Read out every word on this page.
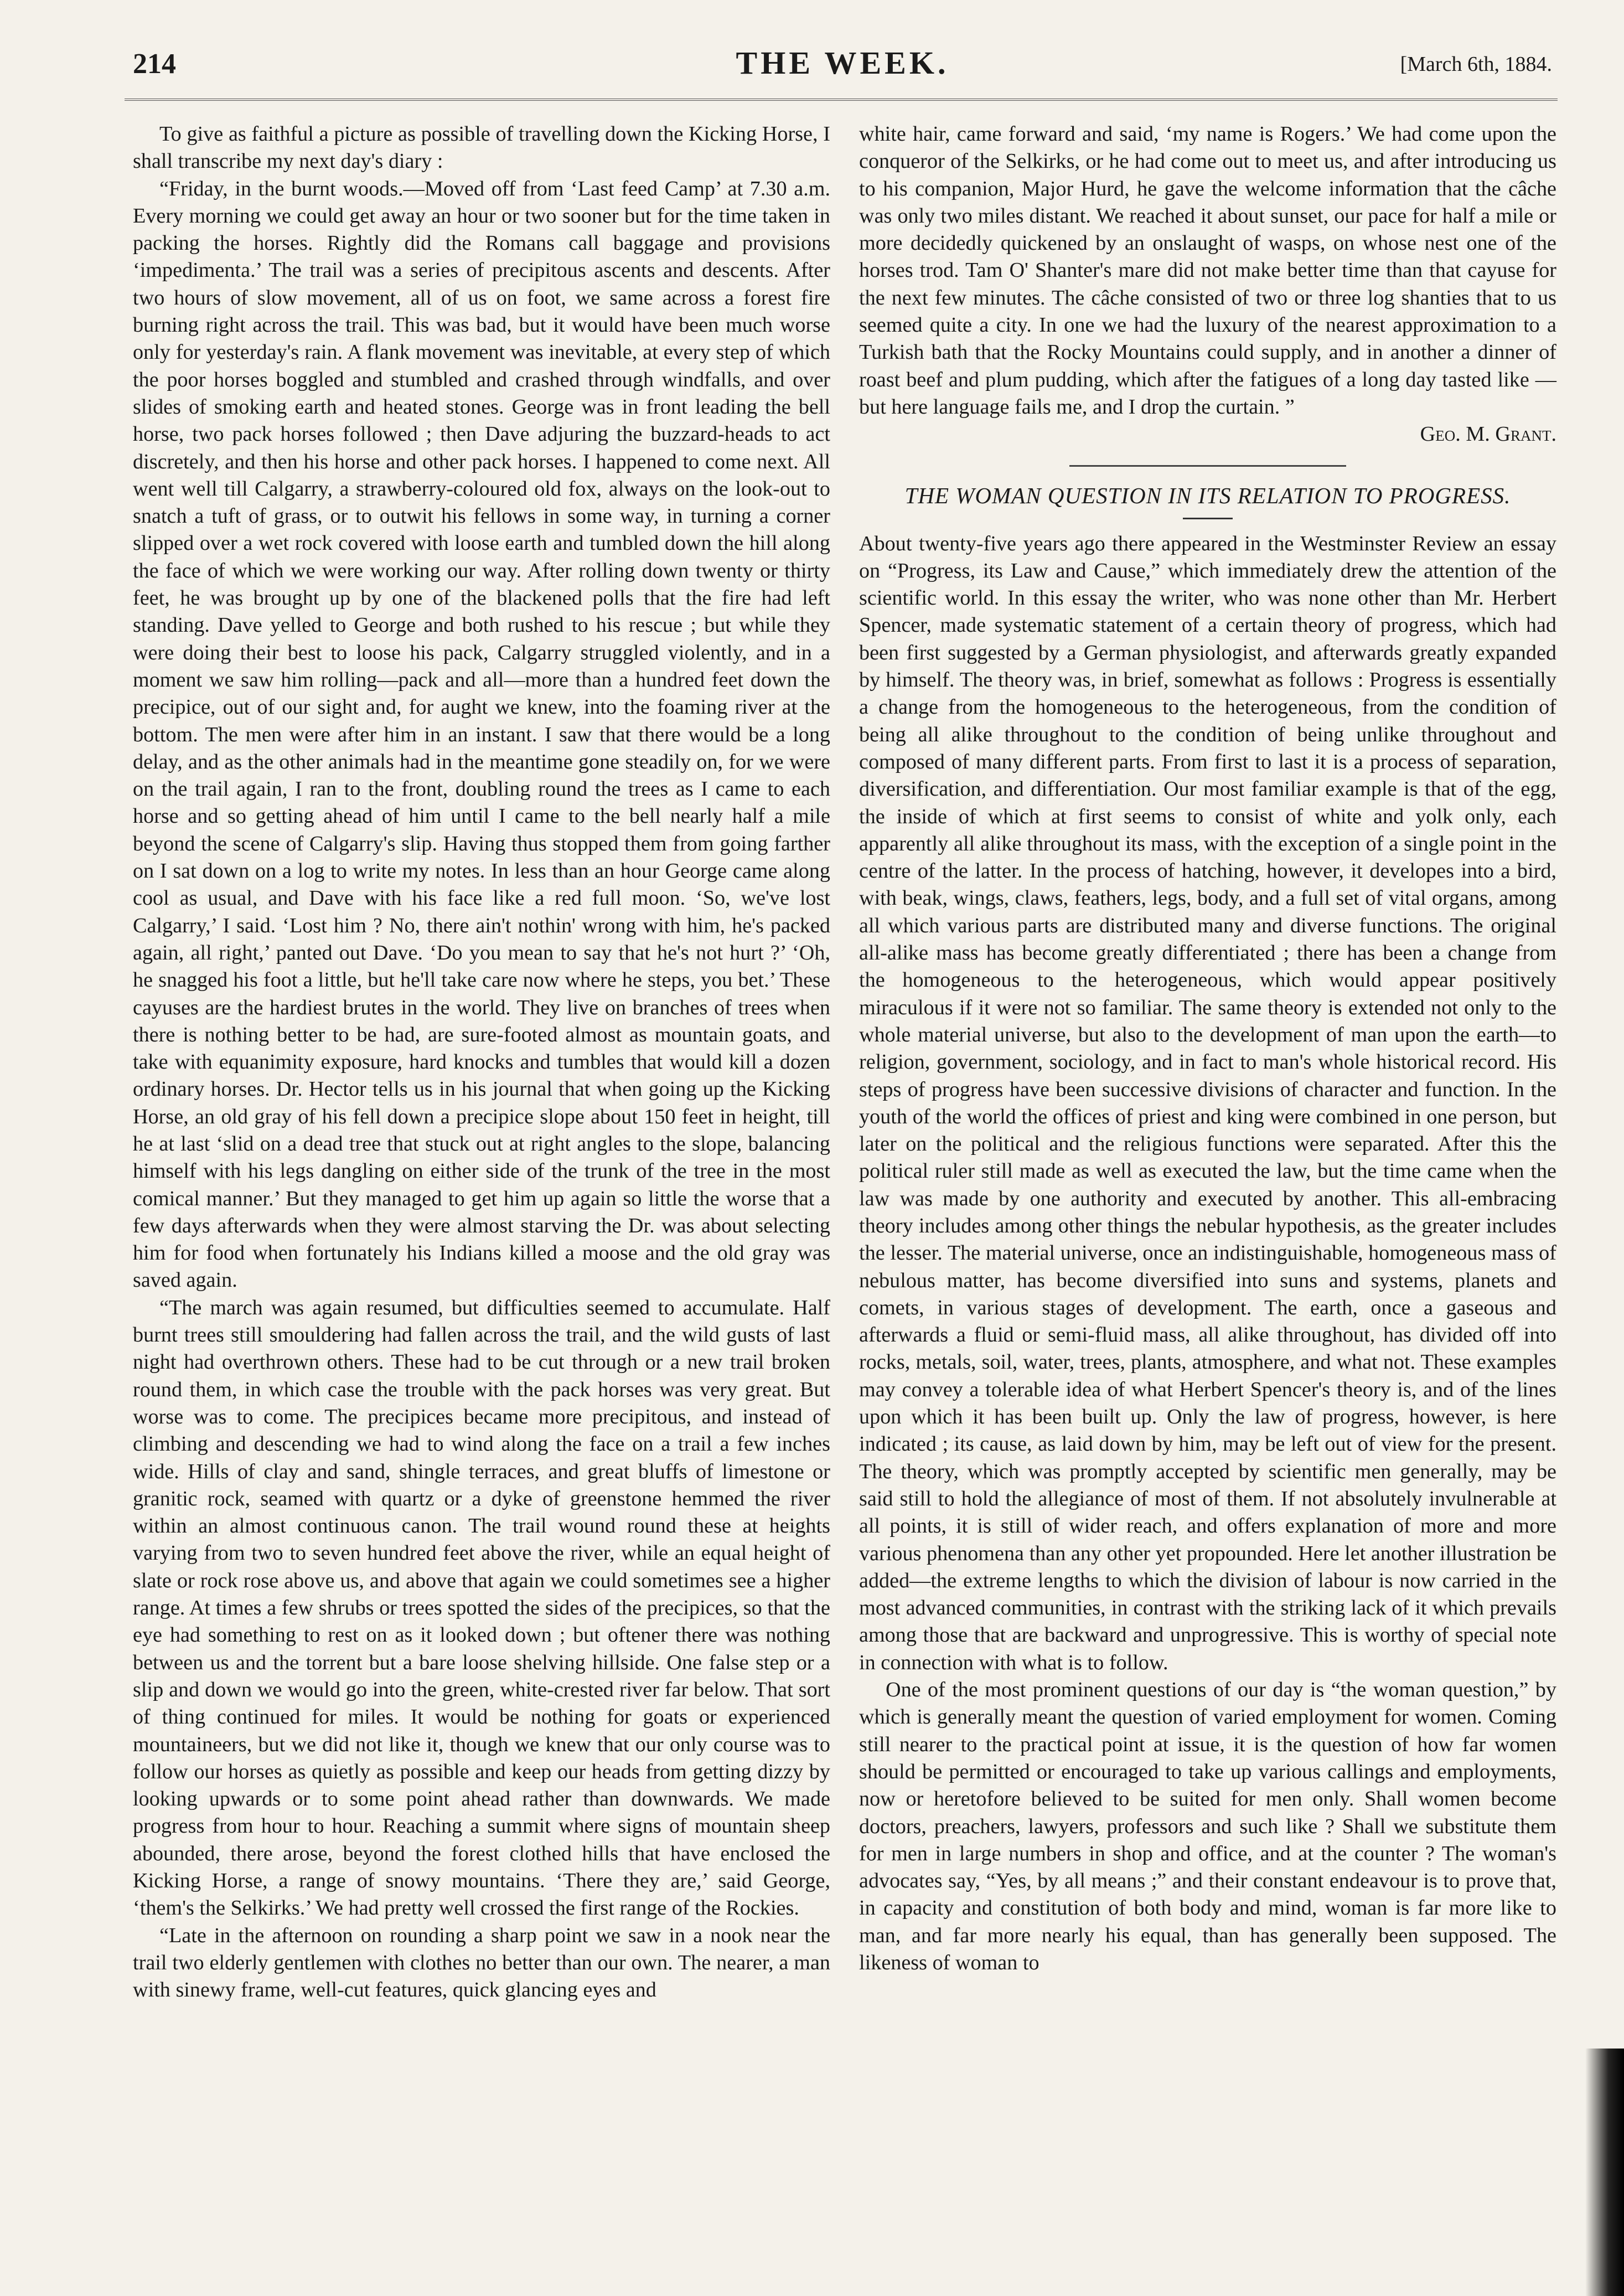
214	THE WEEK.	[March 6th, 1884.

To give as faithful a picture as possible of travelling down the Kicking Horse, I shall transcribe my next day's diary :

“Friday, in the burnt woods.—Moved off from ‘Last feed Camp’ at 7.30 a.m. Every morning we could get away an hour or two sooner but for the time taken in packing the horses. Rightly did the Romans call baggage and provisions ‘impedimenta.’ The trail was a series of precipitous ascents and descents. After two hours of slow movement, all of us on foot, we same across a forest fire burning right across the trail. This was bad, but it would have been much worse only for yesterday's rain. A flank movement was inevitable, at every step of which the poor horses boggled and stumbled and crashed through windfalls, and over slides of smoking earth and heated stones. George was in front leading the bell horse, two pack horses followed ; then Dave adjuring the buzzard-heads to act discretely, and then his horse and other pack horses. I happened to come next. All went well till Calgarry, a strawberry-coloured old fox, always on the look-out to snatch a tuft of grass, or to outwit his fellows in some way, in turning a corner slipped over a wet rock covered with loose earth and tumbled down the hill along the face of which we were working our way. After rolling down twenty or thirty feet, he was brought up by one of the blackened polls that the fire had left standing. Dave yelled to George and both rushed to his rescue ; but while they were doing their best to loose his pack, Calgarry struggled violently, and in a moment we saw him rolling—pack and all—more than a hundred feet down the precipice, out of our sight and, for aught we knew, into the foaming river at the bottom. The men were after him in an instant. I saw that there would be a long delay, and as the other animals had in the meantime gone steadily on, for we were on the trail again, I ran to the front, doubling round the trees as I came to each horse and so getting ahead of him until I came to the bell nearly half a mile beyond the scene of Calgarry's slip. Having thus stopped them from going farther on I sat down on a log to write my notes. In less than an hour George came along cool as usual, and Dave with his face like a red full moon. ‘So, we've lost Calgarry,’ I said. ‘Lost him ? No, there ain't nothin' wrong with him, he's packed again, all right,’ panted out Dave. ‘Do you mean to say that he's not hurt ?’ ‘Oh, he snagged his foot a little, but he'll take care now where he steps, you bet.’ These cayuses are the hardiest brutes in the world. They live on branches of trees when there is nothing better to be had, are sure-footed almost as mountain goats, and take with equanimity exposure, hard knocks and tumbles that would kill a dozen ordinary horses. Dr. Hector tells us in his journal that when going up the Kicking Horse, an old gray of his fell down a precipice slope about 150 feet in height, till he at last ‘slid on a dead tree that stuck out at right angles to the slope, balancing himself with his legs dangling on either side of the trunk of the tree in the most comical manner.’ But they managed to get him up again so little the worse that a few days afterwards when they were almost starving the Dr. was about selecting him for food when fortunately his Indians killed a moose and the old gray was saved again.

“The march was again resumed, but difficulties seemed to accumulate. Half burnt trees still smouldering had fallen across the trail, and the wild gusts of last night had overthrown others. These had to be cut through or a new trail broken round them, in which case the trouble with the pack horses was very great. But worse was to come. The precipices became more precipitous, and instead of climbing and descending we had to wind along the face on a trail a few inches wide. Hills of clay and sand, shingle terraces, and great bluffs of limestone or granitic rock, seamed with quartz or a dyke of greenstone hemmed the river within an almost continuous canon. The trail wound round these at heights varying from two to seven hundred feet above the river, while an equal height of slate or rock rose above us, and above that again we could sometimes see a higher range. At times a few shrubs or trees spotted the sides of the precipices, so that the eye had something to rest on as it looked down ; but oftener there was nothing between us and the torrent but a bare loose shelving hillside. One false step or a slip and down we would go into the green, white-crested river far below. That sort of thing continued for miles. It would be nothing for goats or experienced mountaineers, but we did not like it, though we knew that our only course was to follow our horses as quietly as possible and keep our heads from getting dizzy by looking upwards or to some point ahead rather than downwards. We made progress from hour to hour. Reaching a summit where signs of mountain sheep abounded, there arose, beyond the forest clothed hills that have enclosed the Kicking Horse, a range of snowy mountains. ‘There they are,’ said George, ‘them's the Selkirks.’ We had pretty well crossed the first range of the Rockies.

“Late in the afternoon on rounding a sharp point we saw in a nook near the trail two elderly gentlemen with clothes no better than our own. The nearer, a man with sinewy frame, well-cut features, quick glancing eyes and

white hair, came forward and said, ‘my name is Rogers.’ We had come upon the conqueror of the Selkirks, or he had come out to meet us, and after introducing us to his companion, Major Hurd, he gave the welcome information that the câche was only two miles distant. We reached it about sunset, our pace for half a mile or more decidedly quickened by an onslaught of wasps, on whose nest one of the horses trod. Tam O' Shanter's mare did not make better time than that cayuse for the next few minutes. The câche consisted of two or three log shanties that to us seemed quite a city. In one we had the luxury of the nearest approximation to a Turkish bath that the Rocky Mountains could supply, and in another a dinner of roast beef and plum pudding, which after the fatigues of a long day tasted like —but here language fails me, and I drop the curtain. ”

Geo. M. Grant.

THE WOMAN QUESTION IN ITS RELATION TO PROGRESS.

About twenty-five years ago there appeared in the Westminster Review an essay on “Progress, its Law and Cause,” which immediately drew the attention of the scientific world. In this essay the writer, who was none other than Mr. Herbert Spencer, made systematic statement of a certain theory of progress, which had been first suggested by a German physiologist, and afterwards greatly expanded by himself. The theory was, in brief, somewhat as follows : Progress is essentially a change from the homogeneous to the heterogeneous, from the condition of being all alike throughout to the condition of being unlike throughout and composed of many different parts. From first to last it is a process of separation, diversification, and differentiation. Our most familiar example is that of the egg, the inside of which at first seems to consist of white and yolk only, each apparently all alike throughout its mass, with the exception of a single point in the centre of the latter. In the process of hatching, however, it developes into a bird, with beak, wings, claws, feathers, legs, body, and a full set of vital organs, among all which various parts are distributed many and diverse functions. The original all-alike mass has become greatly differentiated ; there has been a change from the homogeneous to the heterogeneous, which would appear positively miraculous if it were not so familiar. The same theory is extended not only to the whole material universe, but also to the development of man upon the earth—to religion, government, sociology, and in fact to man's whole historical record. His steps of progress have been successive divisions of character and function. In the youth of the world the offices of priest and king were combined in one person, but later on the political and the religious functions were separated. After this the political ruler still made as well as executed the law, but the time came when the law was made by one authority and executed by another. This all-embracing theory includes among other things the nebular hypothesis, as the greater includes the lesser. The material universe, once an indistinguishable, homogeneous mass of nebulous matter, has become diversified into suns and systems, planets and comets, in various stages of development. The earth, once a gaseous and afterwards a fluid or semi-fluid mass, all alike throughout, has divided off into rocks, metals, soil, water, trees, plants, atmosphere, and what not. These examples may convey a tolerable idea of what Herbert Spencer's theory is, and of the lines upon which it has been built up. Only the law of progress, however, is here indicated ; its cause, as laid down by him, may be left out of view for the present. The theory, which was promptly accepted by scientific men generally, may be said still to hold the allegiance of most of them. If not absolutely invulnerable at all points, it is still of wider reach, and offers explanation of more and more various phenomena than any other yet propounded. Here let another illustration be added—the extreme lengths to which the division of labour is now carried in the most advanced communities, in contrast with the striking lack of it which prevails among those that are backward and unprogressive. This is worthy of special note in connection with what is to follow.

One of the most prominent questions of our day is “the woman question,” by which is generally meant the question of varied employment for women. Coming still nearer to the practical point at issue, it is the question of how far women should be permitted or encouraged to take up various callings and employments, now or heretofore believed to be suited for men only. Shall women become doctors, preachers, lawyers, professors and such like ? Shall we substitute them for men in large numbers in shop and office, and at the counter ? The woman's advocates say, “Yes, by all means ;” and their constant endeavour is to prove that, in capacity and constitution of both body and mind, woman is far more like to man, and far more nearly his equal, than has generally been supposed. The likeness of woman to
